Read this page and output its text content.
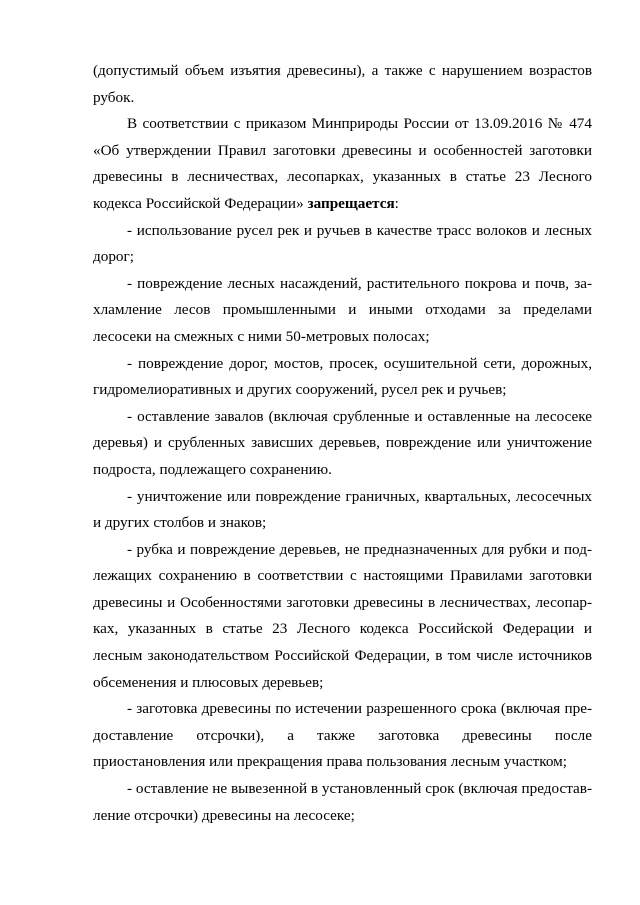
(допустимый объем изъятия древесины), а также с нарушением возрастов рубок.

В соответствии с приказом Минприроды России от 13.09.2016 № 474 «Об утверждении Правил заготовки древесины и особенностей заготовки древесины в лесничествах, лесопарках, указанных в статье 23 Лесного кодекса Российской Федерации» запрещается:

- использование русел рек и ручьев в качестве трасс волоков и лесных дорог;

- повреждение лесных насаждений, растительного покрова и почв, захламление лесов промышленными и иными отходами за пределами лесосеки на смежных с ними 50-метровых полосах;

- повреждение дорог, мостов, просек, осушительной сети, дорожных, гидромелиоративных и других сооружений, русел рек и ручьев;

- оставление завалов (включая срубленные и оставленные на лесосеке деревья) и срубленных зависших деревьев, повреждение или уничтожение подроста, подлежащего сохранению.

- уничтожение или повреждение граничных, квартальных, лесосечных и других столбов и знаков;

- рубка и повреждение деревьев, не предназначенных для рубки и подлежащих сохранению в соответствии с настоящими Правилами заготовки древесины и Особенностями заготовки древесины в лесничествах, лесопарках, указанных в статье 23 Лесного кодекса Российской Федерации и лесным законодательством Российской Федерации, в том числе источников обсеменения и плюсовых деревьев;

- заготовка древесины по истечении разрешенного срока (включая предоставление отсрочки), а также заготовка древесины после приостановления или прекращения права пользования лесным участком;

- оставление не вывезенной в установленный срок (включая предоставление отсрочки) древесины на лесосеке;
